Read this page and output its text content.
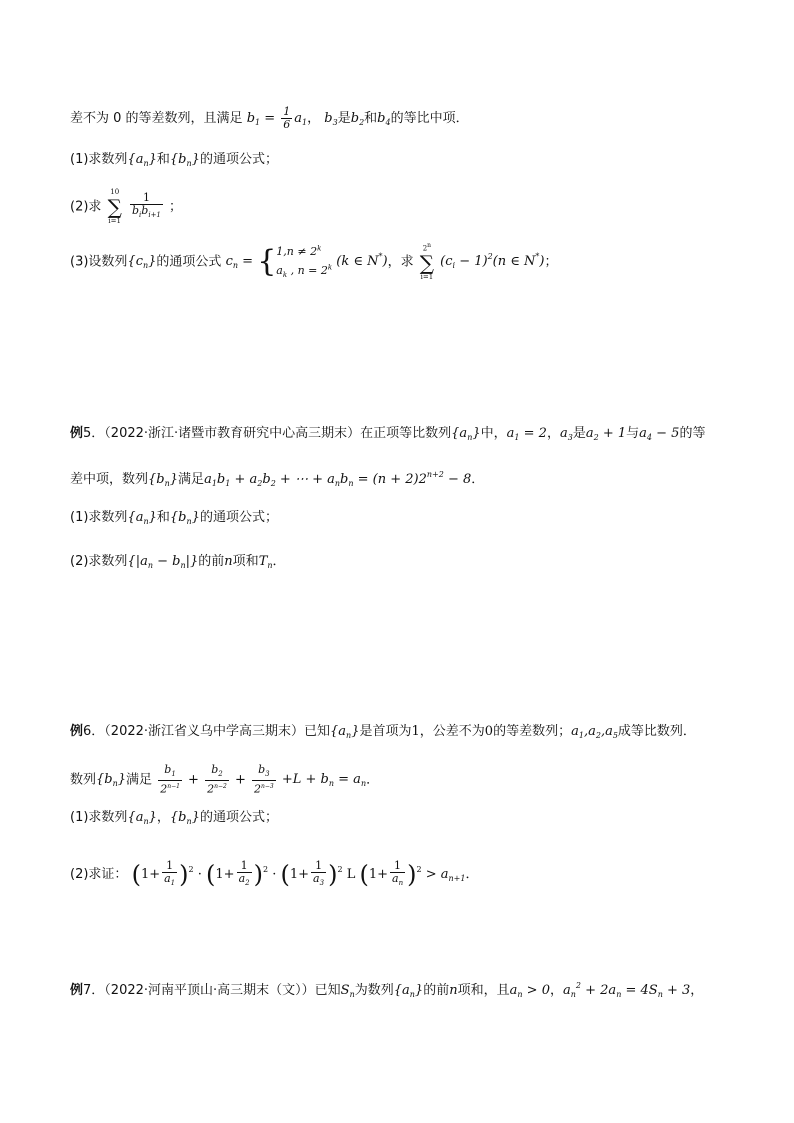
差不为 0 的等差数列，且满足 $b_1 = \frac{1}{6} a_1$， $b_3$是$b_2$和$b_4$的等比中项．
(1)求数列$\{a_n\}$和$\{b_n\}$的通项公式；
(2)求
10
∑
i=1
$\frac{1}{b_ib_{i+1}}$ ；
(3)设数列$\{c_n\}$的通项公式 $c_n = \{1,n \ne 2^k$
$a_k$ , $n = 2^k$ (k ∈ N*)，求
2$^n$
∑
i=1
$(c_i - 1)^2(n$ ∈ N*)；
例5．（2022·浙江·诸暨市教育研究中心高三期末）在正项等比数列$\{a_n\}$中，$a_1 = 2$，$a_3$是$a_2 + 1$与$a_4 - 5$的等
差中项，数列$\{b_n\}$满足$a_1b_1 + a_2b_2$ + ⋯ + $a_nb_n = (n + 2)2^{n+2} - 8$．
(1)求数列$\{a_n\}$和$\{b_n\}$的通项公式；
(2)求数列$\{|a_n - b_n|\}$的前n项和$T_n$．
例6．（2022·浙江省义乌中学高三期末）已知$\{a_n\}$是首项为1，公差不为0的等差数列；$a_1,a_2,a_5$成等比数列．
数列$\{b_n\}$满足 $\frac{b_1}{2^{n-1}} + \frac{b_2}{2^{n-2}} + \frac{b_3}{2^{n-3}} +L + b_n = a_n$．
(1)求数列$\{a_n\}$，$\{b_n\}$的通项公式；
(2)求证： $(1+ \frac{1}{a_1} )^2 \cdot (1+ \frac{1}{a_2} )^2 \cdot (1+ \frac{1}{a_3} )^2$ L $(1+ \frac{1}{a_n} )^2 > a_{n+1}$．
例7．（2022·河南平顶山·高三期末（文））已知$S_n$为数列$\{a_n\}$的前n项和，且$a_n > 0$，$a_n^2 + 2a_n = 4S_n + 3$，
